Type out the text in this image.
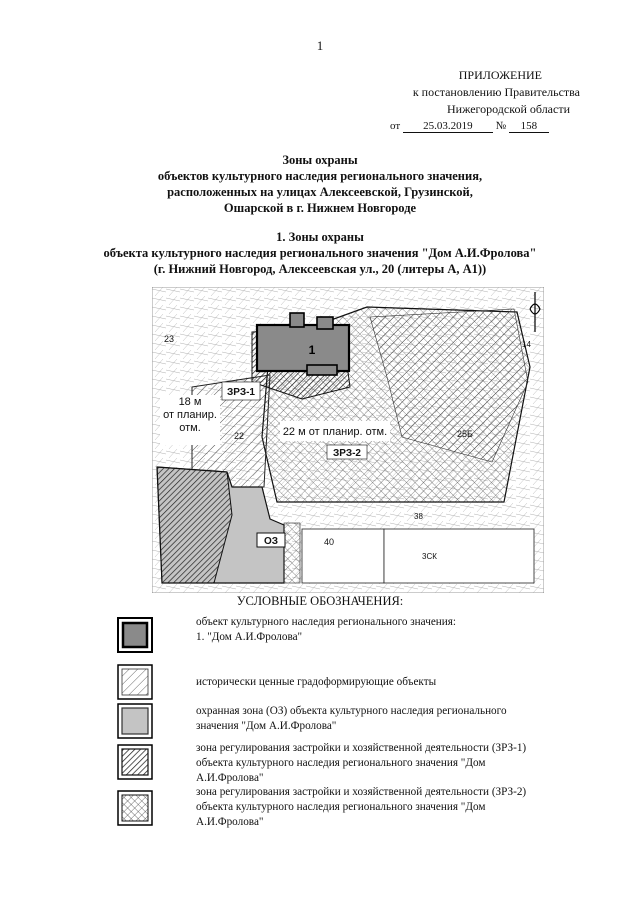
1
ПРИЛОЖЕНИЕ
к постановлению Правительства
Нижегородской области
от 25.03.2019 № 158
Зоны охраны
объектов культурного наследия регионального значения,
расположенных на улицах Алексеевской, Грузинской,
Ошарской в г. Нижнем Новгороде
1. Зоны охраны
объекта культурного наследия регионального значения "Дом А.И.Фролова"
(г. Нижний Новгород, Алексеевская ул., 20 (литеры А, А1))
18 м
от планир.
отм.	22 м от планир. отм.
ЗРЗ-1
ЗРЗ-2
ОЗ
1
23
22	25Б
40
3СК
38
14
УСЛОВНЫЕ ОБОЗНАЧЕНИЯ:
объект культурного наследия регионального значения:
1. "Дом А.И.Фролова"
исторически ценные градоформирующие объекты
охранная зона (ОЗ) объекта культурного наследия регионального
значения "Дом А.И.Фролова"
зона регулирования застройки и хозяйственной деятельности (ЗРЗ-1)
объекта культурного наследия регионального значения "Дом
А.И.Фролова"
зона регулирования застройки и хозяйственной деятельности (ЗРЗ-2)
объекта культурного наследия регионального значения "Дом
А.И.Фролова"
